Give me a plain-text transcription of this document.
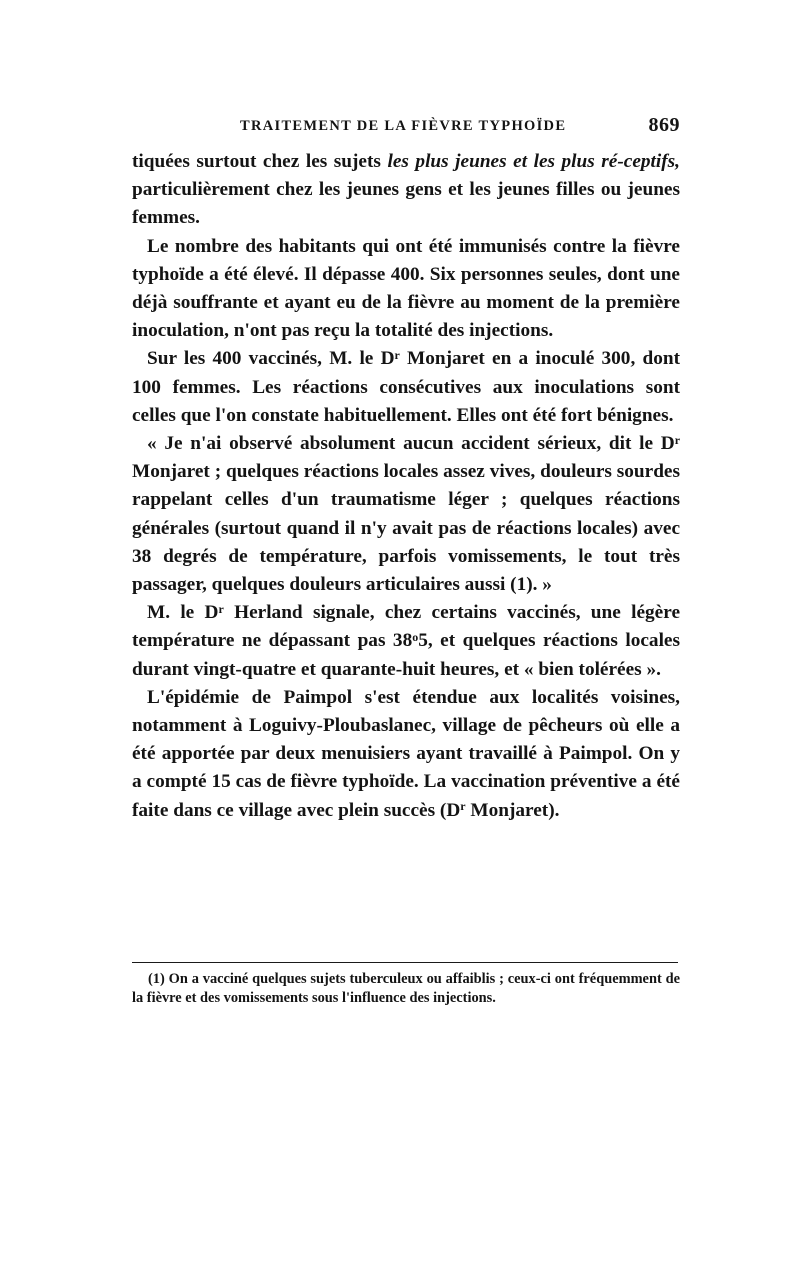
TRAITEMENT DE LA FIÈVRE TYPHOÏDE	869

tiquées surtout chez les sujets les plus jeunes et les plus ré-ceptifs, particulièrement chez les jeunes gens et les jeunes filles ou jeunes femmes.

Le nombre des habitants qui ont été immunisés contre la fièvre typhoïde a été élevé. Il dépasse 400. Six personnes seules, dont une déjà souffrante et ayant eu de la fièvre au moment de la première inoculation, n'ont pas reçu la totalité des injections.

Sur les 400 vaccinés, M. le $D^r$ Monjaret en a inoculé 300, dont 100 femmes. Les réactions consécutives aux inoculations sont celles que l'on constate habituellement. Elles ont été fort bénignes.

« Je n'ai observé absolument aucun accident sérieux, dit le $D^r$ Monjaret ; quelques réactions locales assez vives, douleurs sourdes rappelant celles d'un traumatisme léger ; quelques réactions générales (surtout quand il n'y avait pas de réactions locales) avec 38 degrés de température, parfois vomissements, le tout très passager, quelques douleurs articulaires aussi (1). »

M. le $D^r$ Herland signale, chez certains vaccinés, une légère température ne dépassant pas 38$^o$5, et quelques réactions locales durant vingt-quatre et quarante-huit heures, et « bien tolérées ».

L'épidémie de Paimpol s'est étendue aux localités voisines, notamment à Loguivy-Ploubaslanec, village de pêcheurs où elle a été apportée par deux menuisiers ayant travaillé à Paimpol. On y a compté 15 cas de fièvre typhoïde. La vaccination préventive a été faite dans ce village avec plein succès ($D^r$ Monjaret).

(1) On a vacciné quelques sujets tuberculeux ou affaiblis ; ceux-ci ont fréquemment de la fièvre et des vomissements sous l'influence des injections.
